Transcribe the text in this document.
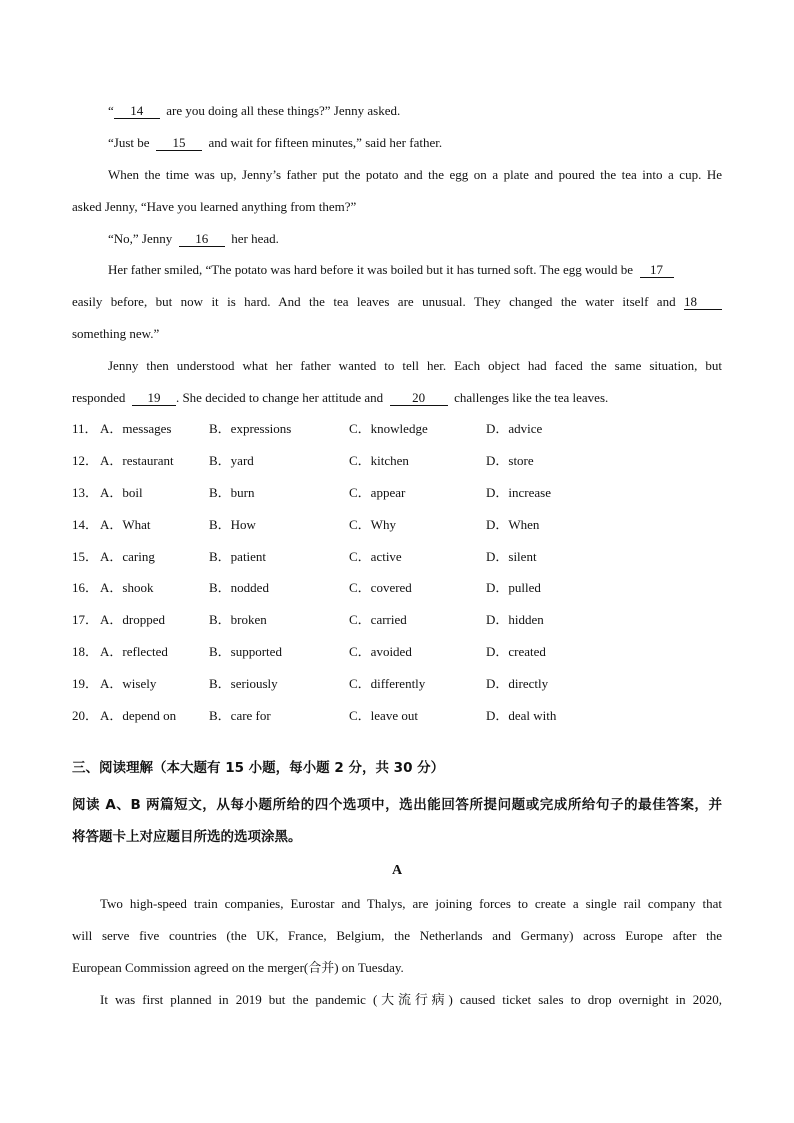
“ 14 are you doing all these things?” Jenny asked.
“Just be 15 and wait for fifteen minutes,” said her father.
When the time was up, Jenny’s father put the potato and the egg on a plate and poured the tea into a cup. He
asked Jenny, “Have you learned anything from them?”
“No,” Jenny 16 her head.
Her father smiled, “The potato was hard before it was boiled but it has turned soft. The egg would be 17
easily before, but now it is hard. And the tea leaves are unusual. They changed the water itself and 18
something new.”
Jenny then understood what her father wanted to tell her. Each object had faced the same situation, but
responded 19 . She decided to change her attitude and 20 challenges like the tea leaves.
11． A．messages	B．expressions	C．knowledge	D．advice
12． A．restaurant	B．yard	C．kitchen	D．store
13． A．boil	B．burn	C．appear	D．increase
14． A．What	B．How	C．Why	D．When
15． A．caring	B．patient	C．active	D．silent
16． A．shook	B．nodded	C．covered	D．pulled
17． A．dropped	B．broken	C．carried	D．hidden
18． A．reflected	B．supported	C．avoided	D．created
19． A．wisely	B．seriously	C．differently	D．directly
20． A．depend on	B．care for	C．leave out	D．deal with
三、阅读理解（本大题有 15 小题，每小题 2 分，共 30 分）
阅读 A、B 两篇短文，从每小题所给的四个选项中，选出能回答所提问题或完成所给句子的最佳答案，并
将答题卡上对应题目所选的选项涂黑。
A
Two high-speed train companies, Eurostar and Thalys, are joining forces to create a single rail company that
will serve five countries (the UK, France, Belgium, the Netherlands and Germany) across Europe after the
European Commission agreed on the merger(合并) on Tuesday.
It was first planned in 2019 but the pandemic (大流行病) caused ticket sales to drop overnight in 2020,
